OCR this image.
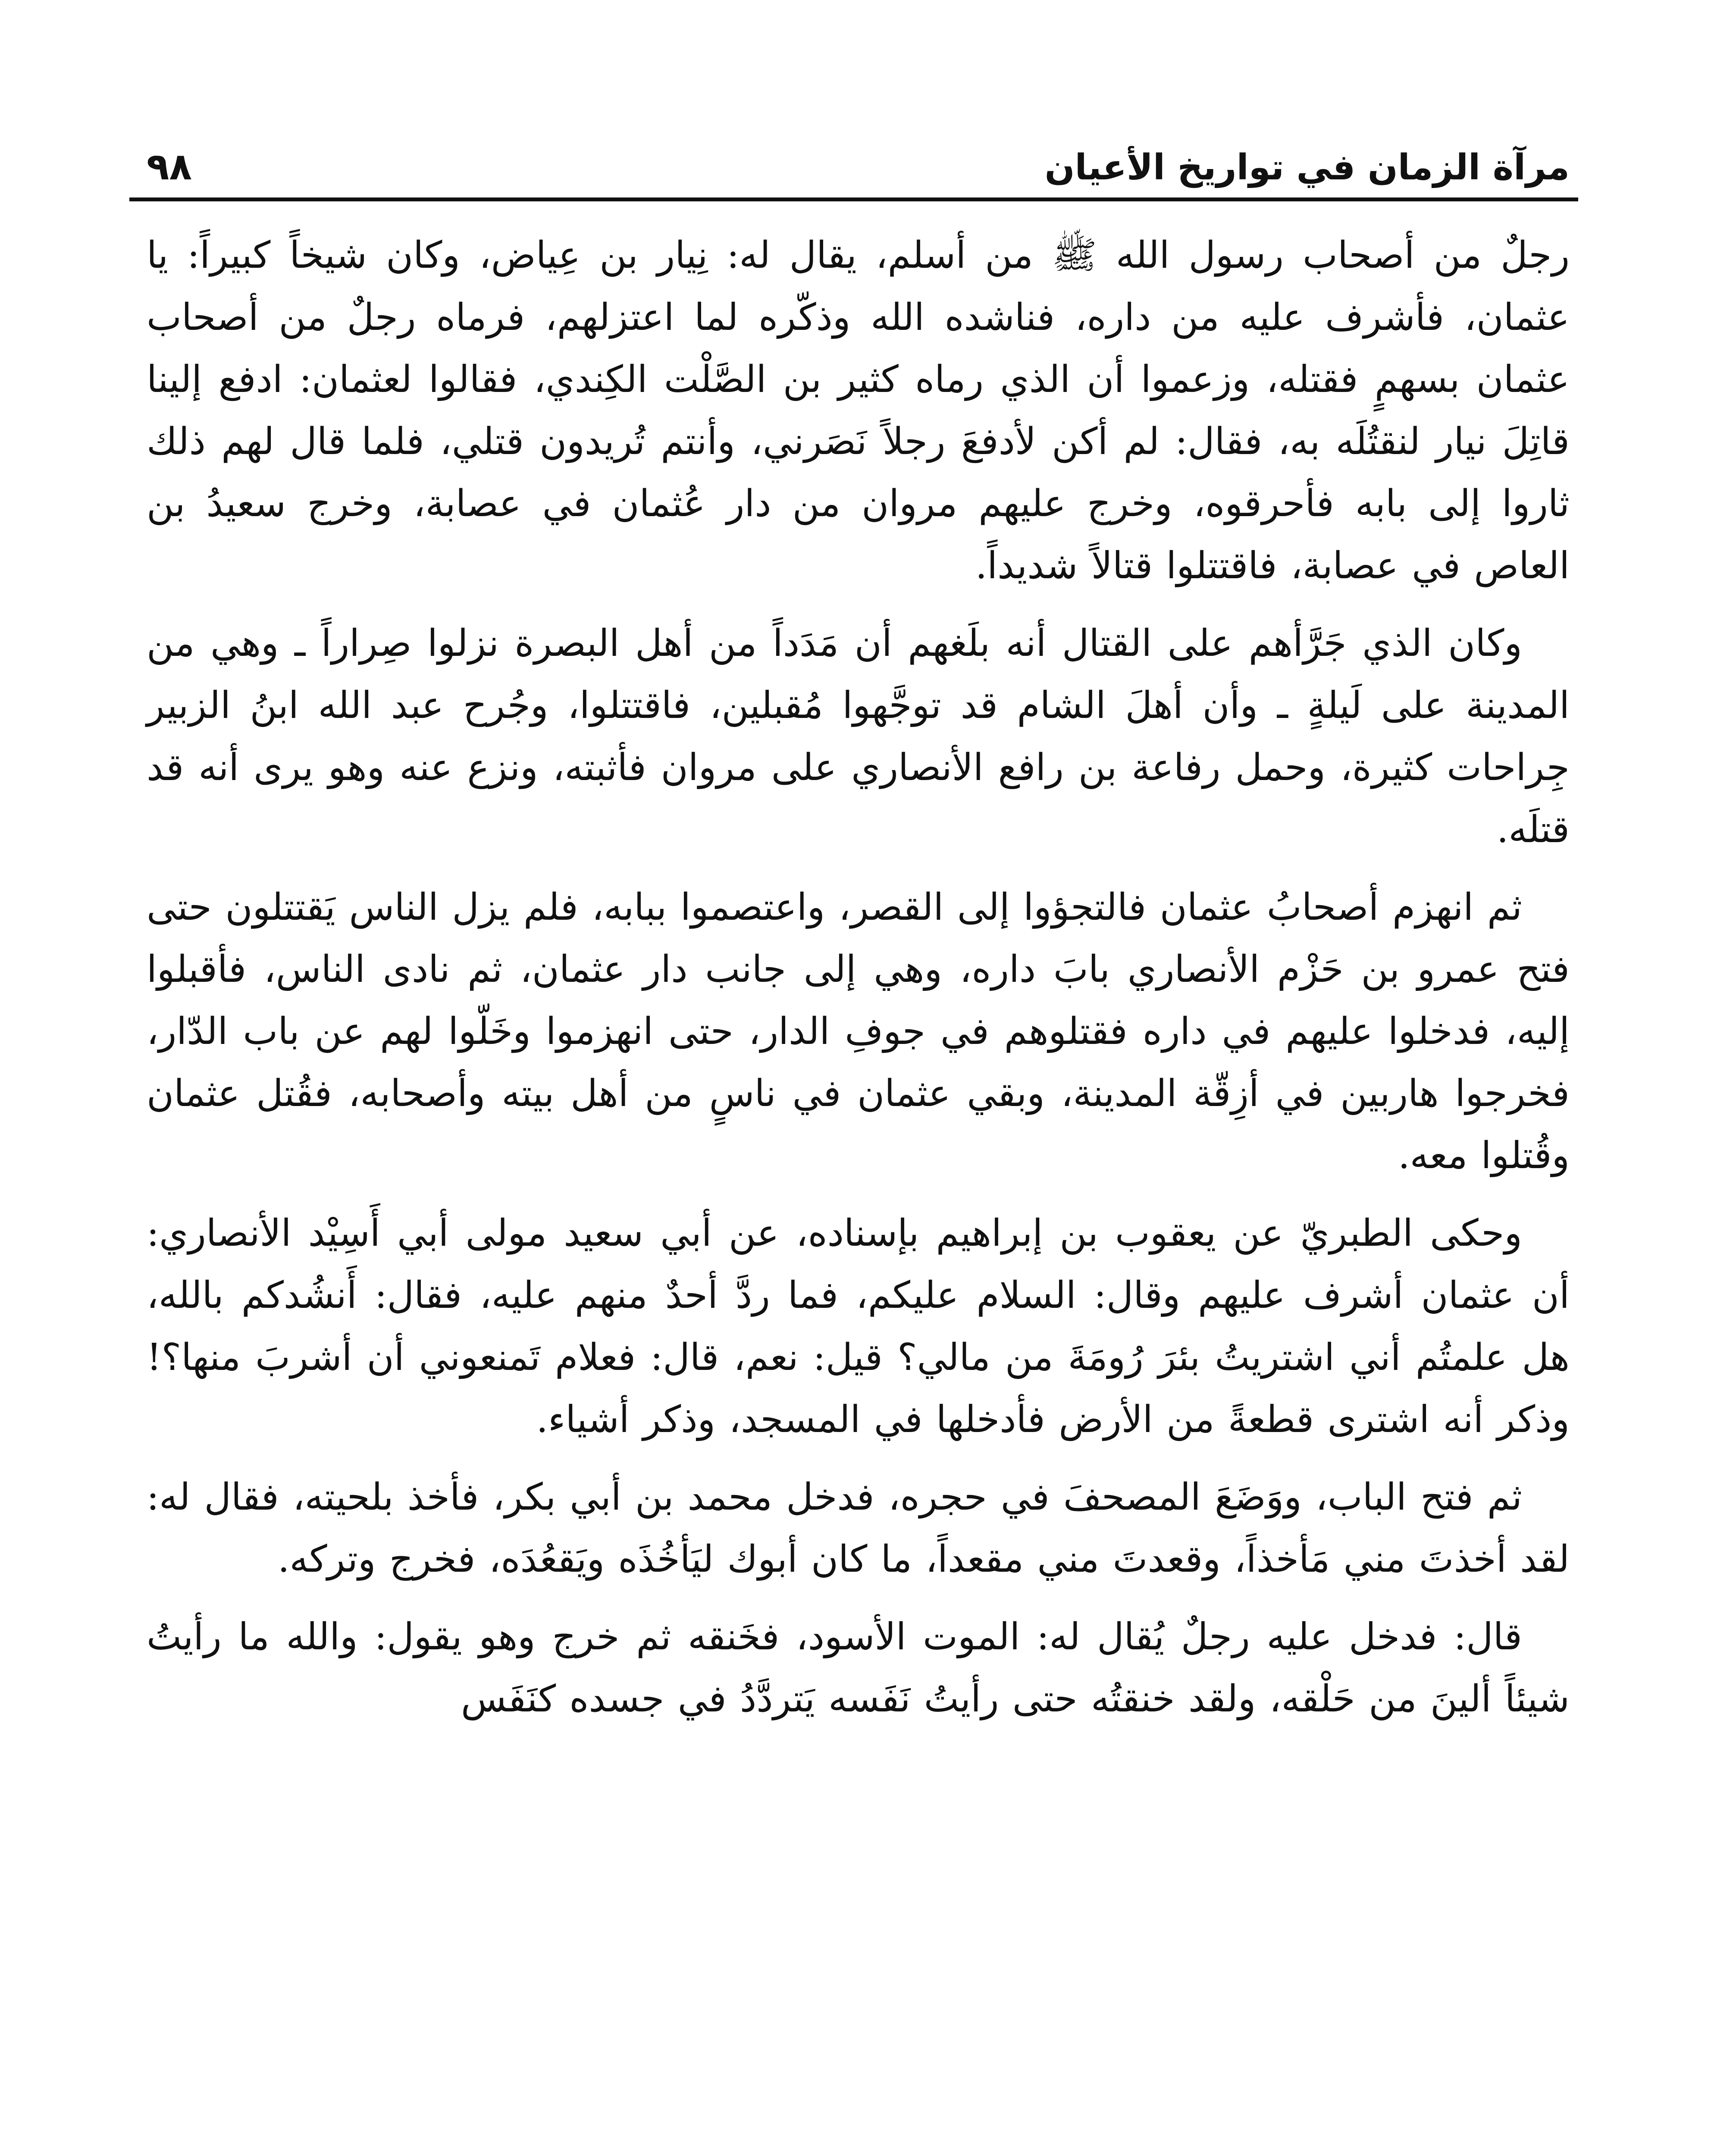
مرآة الزمان في تواريخ الأعيان
٩٨

رجلٌ من أصحاب رسول الله ﷺ من أسلم، يقال له: نِيار بن عِياض، وكان شيخاً كبيراً: يا عثمان، فأشرف عليه من داره، فناشده الله وذكّره لما اعتزلهم، فرماه رجلٌ من أصحاب عثمان بسهمٍ فقتله، وزعموا أن الذي رماه كثير بن الصَّلْت الكِندي، فقالوا لعثمان: ادفع إلينا قاتِلَ نيار لنقتُلَه به، فقال: لم أكن لأدفعَ رجلاً نَصَرني، وأنتم تُريدون قتلي، فلما قال لهم ذلك ثاروا إلى بابه فأحرقوه، وخرج عليهم مروان من دار عُثمان في عصابة، وخرج سعيدُ بن العاص في عصابة، فاقتتلوا قتالاً شديداً.

وكان الذي جَرَّأهم على القتال أنه بلَغهم أن مَدَداً من أهل البصرة نزلوا صِراراً ـ وهي من المدينة على لَيلةٍ ـ وأن أهلَ الشام قد توجَّهوا مُقبلين، فاقتتلوا، وجُرح عبد الله ابنُ الزبير جِراحات كثيرة، وحمل رفاعة بن رافع الأنصاري على مروان فأثبته، ونزع عنه وهو يرى أنه قد قتلَه.

ثم انهزم أصحابُ عثمان فالتجؤوا إلى القصر، واعتصموا ببابه، فلم يزل الناس يَقتتلون حتى فتح عمرو بن حَزْم الأنصاري بابَ داره، وهي إلى جانب دار عثمان، ثم نادى الناس، فأقبلوا إليه، فدخلوا عليهم في داره فقتلوهم في جوفِ الدار، حتى انهزموا وخَلّوا لهم عن باب الدّار، فخرجوا هاربين في أزِقّة المدينة، وبقي عثمان في ناسٍ من أهل بيته وأصحابه، فقُتل عثمان وقُتلوا معه.

وحكى الطبريّ عن يعقوب بن إبراهيم بإسناده، عن أبي سعيد مولى أبي أَسِيْد الأنصاري: أن عثمان أشرف عليهم وقال: السلام عليكم، فما ردَّ أحدٌ منهم عليه، فقال: أَنشُدكم بالله، هل علمتُم أني اشتريتُ بئرَ رُومَةَ من مالي؟ قيل: نعم، قال: فعلام تَمنعوني أن أشربَ منها؟! وذكر أنه اشترى قطعةً من الأرض فأدخلها في المسجد، وذكر أشياء.

ثم فتح الباب، ووَضَعَ المصحفَ في حجره، فدخل محمد بن أبي بكر، فأخذ بلحيته، فقال له: لقد أخذتَ مني مَأخذاً، وقعدتَ مني مقعداً، ما كان أبوك ليَأخُذَه ويَقعُدَه، فخرج وتركه.

قال: فدخل عليه رجلٌ يُقال له: الموت الأسود، فخَنقه ثم خرج وهو يقول: والله ما رأيتُ شيئاً ألينَ من حَلْقه، ولقد خنقتُه حتى رأيتُ نَفَسه يَتردَّدُ في جسده كنَفَس
